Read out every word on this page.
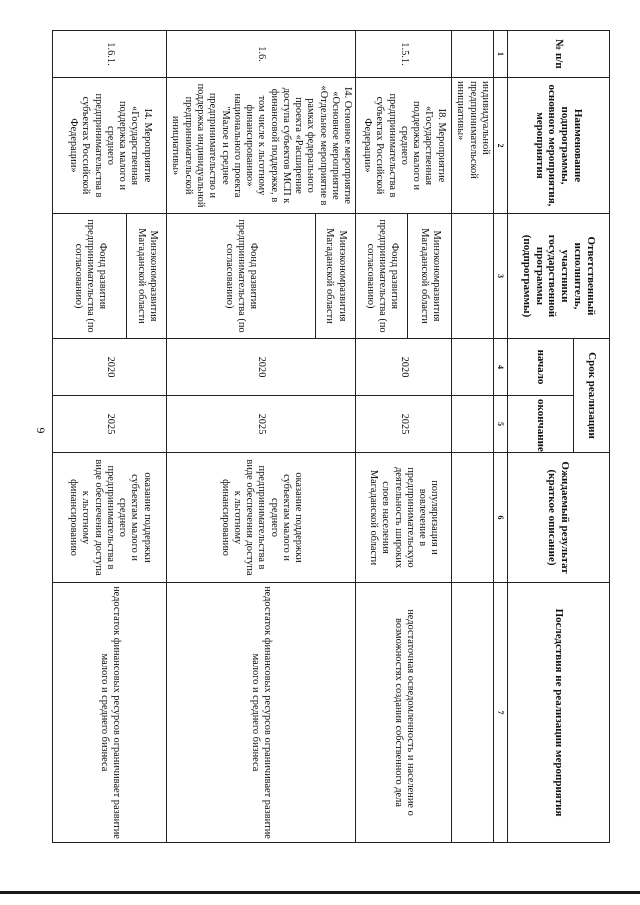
6
№ п/п	Наименование подпрограммы, основного мероприятия, мероприятия	Ответственный исполнитель, участники государственной программы (подпрограммы)	Срок реализации		Ожидаемый результат (краткое описание)	Последствия не реализации мероприятия
			начало	окончание		
1	2	3	4	5	6	7
	индивидуальной предпринимательской инициативы»					
1.5.1.	I8. Мероприятие «Государственная поддержка малого и среднего предпринимательства в субъектах Российской Федерации»	Минэкономразвития Магаданской области	2020	2025	популяризация и вовлечение в предпринимательскую деятельность широких слоев населения Магаданской области	недостаточная осведомленность и население о возможностях создания собственного дела
		Фонд развития предпринимательства (по согласованию)				
1.6.	I4. Основное мероприятие «Основное мероприятие «Отдельное мероприятие в рамках федерального проекта «Расширение доступа субъектов МСП к финансовой поддержке, в том числе к льготному финансированию» национального проекта "Малое и среднее предпринимательство и поддержка индивидуальной предпринимательской инициативы»	Минэкономразвития Магаданской области	2020	2025	оказание поддержки субъектам малого и среднего предпринимательства в виде обеспечения доступа к льготному финансированию	недостаток финансовых ресурсов ограничивает развитие малого и среднего бизнеса
		Фонд развития предпринимательства (по согласованию)				
1.6.1.	I4. Мероприятие «Государственная поддержка малого и среднего предпринимательства в субъектах Российской Федерации»	Минэкономразвития Магаданской области	2020	2025	оказание поддержки субъектам малого и среднего предпринимательства в виде обеспечения доступа к льготному финансированию	недостаток финансовых ресурсов ограничивает развитие малого и среднего бизнеса
		Фонд развития предпринимательства (по согласованию)				
